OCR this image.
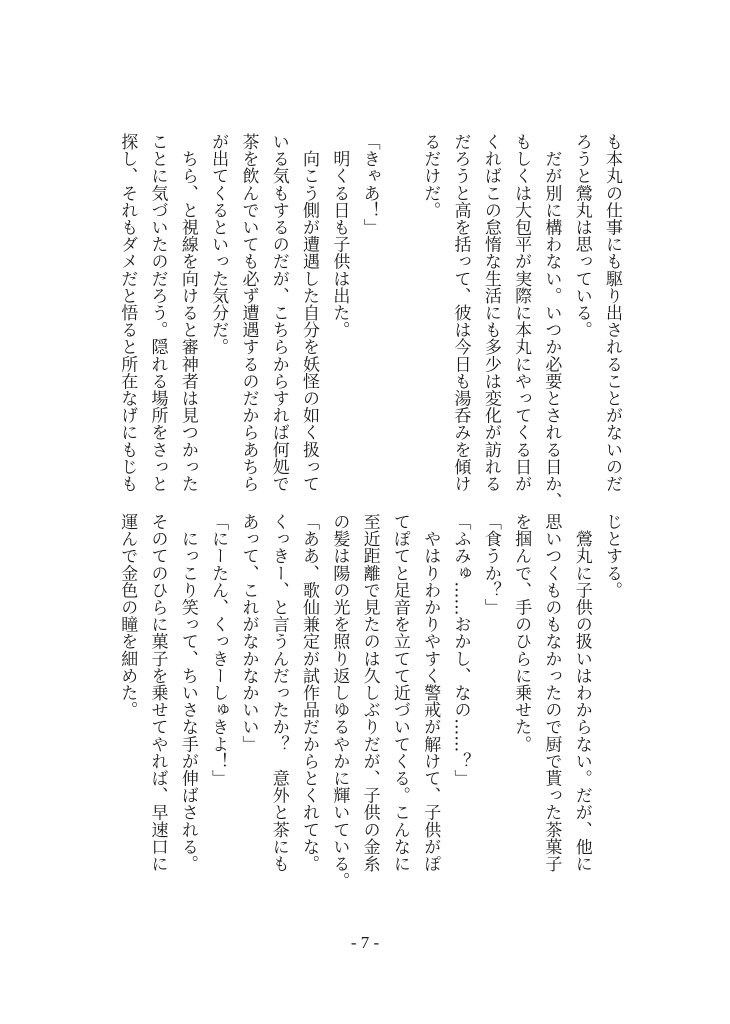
も本丸の仕事にも駆り出されることがないのだ
ろうと鶯丸は思っている。
　だが別に構わない。いつか必要とされる日か、
もしくは大包平が実際に本丸にやってくる日が
くればこの怠惰な生活にも多少は変化が訪れる
だろうと高を括って、彼は今日も湯呑みを傾け
るだけだ。
「きゃあ！」
　明くる日も子供は出た。
　向こう側が遭遇した自分を妖怪の如く扱って
いる気もするのだが、こちらからすれば何処で
茶を飲んでいても必ず遭遇するのだからあちら
が出てくるといった気分だ。
　ちら、と視線を向けると審神者は見つかった
ことに気づいたのだろう。隠れる場所をさっと
探し、それもダメだと悟ると所在なげにもじも
じとする。
　鶯丸に子供の扱いはわからない。だが、他に
思いつくものもなかったので厨で貰った茶菓子
を掴んで、手のひらに乗せた。
「食うか？」
「ふみゅ……おかし、なの……？」
　やはりわかりやすく警戒が解けて、子供がぽ
てぽてと足音を立てて近づいてくる。こんなに
至近距離で見たのは久しぶりだが、子供の金糸
の髪は陽の光を照り返しゆるやかに輝いている。
「ああ、歌仙兼定が試作品だからとくれてな。
くっきー、と言うんだったか？　意外と茶にも
あって、これがなかなかいい」
「にーたん、くっきーしゅきよ！」
　にっこり笑って、ちいさな手が伸ばされる。
そのてのひらに菓子を乗せてやれば、早速口に
運んで金色の瞳を細めた。
- 7 -
